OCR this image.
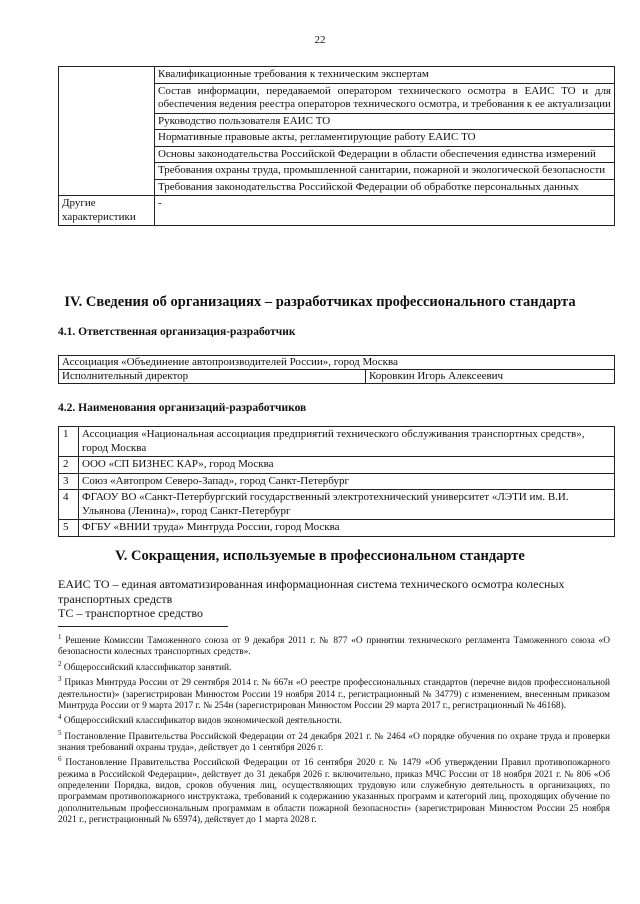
22
	Квалификационные требования к техническим экспертам
	Состав информации, передаваемой оператором технического осмотра в ЕАИС ТО и для обеспечения ведения реестра операторов технического осмотра, и требования к ее актуализации
	Руководство пользователя ЕАИС ТО
	Нормативные правовые акты, регламентирующие работу ЕАИС ТО
	Основы законодательства Российской Федерации в области обеспечения единства измерений
	Требования охраны труда, промышленной санитарии, пожарной и экологической безопасности
	Требования законодательства Российской Федерации об обработке персональных данных
Другие характеристики	-
IV. Сведения об организациях – разработчиках профессионального стандарта
4.1. Ответственная организация-разработчик
Ассоциация «Объединение автопроизводителей России», город Москва
Исполнительный директор	Коровкин Игорь Алексеевич
4.2. Наименования организаций-разработчиков
1	Ассоциация «Национальная ассоциация предприятий технического обслуживания транспортных средств», город Москва
2	ООО «СП БИЗНЕС КАР», город Москва
3	Союз «Автопром Северо-Запад», город Санкт-Петербург
4	ФГАОУ ВО «Санкт-Петербургский государственный электротехнический университет «ЛЭТИ им. В.И. Ульянова (Ленина)», город Санкт-Петербург
5	ФГБУ «ВНИИ труда» Минтруда России, город Москва
V. Сокращения, используемые в профессиональном стандарте

ЕАИС ТО – единая автоматизированная информационная система технического осмотра колесных транспортных средств

ТС – транспортное средство

$^1$ Решение Комиссии Таможенного союза от 9 декабря 2011 г. № 877 «О принятии технического регламента Таможенного союза «О безопасности колесных транспортных средств».

$^2$ Общероссийский классификатор занятий.

$^3$ Приказ Минтруда России от 29 сентября 2014 г. № 667н «О реестре профессиональных стандартов (перечне видов профессиональной деятельности)» (зарегистрирован Минюстом России 19 ноября 2014 г., регистрационный № 34779) с изменением, внесенным приказом Минтруда России от 9 марта 2017 г. № 254н (зарегистрирован Минюстом России 29 марта 2017 г., регистрационный № 46168).

$^4$ Общероссийский классификатор видов экономической деятельности.

$^5$ Постановление Правительства Российской Федерации от 24 декабря 2021 г. № 2464 «О порядке обучения по охране труда и проверки знания требований охраны труда», действует до 1 сентября 2026 г.

$^6$ Постановление Правительства Российской Федерации от 16 сентября 2020 г. № 1479 «Об утверждении Правил противопожарного режима в Российской Федерации», действует до 31 декабря 2026 г. включительно, приказ МЧС России от 18 ноября 2021 г. № 806 «Об определении Порядка, видов, сроков обучения лиц, осуществляющих трудовую или служебную деятельность в организациях, по программам противопожарного инструктажа, требований к содержанию указанных программ и категорий лиц, проходящих обучение по дополнительным профессиональным программам в области пожарной безопасности» (зарегистрирован Минюстом России 25 ноября 2021 г., регистрационный № 65974), действует до 1 марта 2028 г.
